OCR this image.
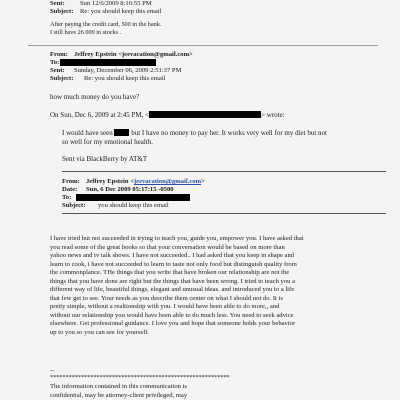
Sent: Sun 12/6/2009 8:16:55 PM
Subject: Re: you should keep this email
After paying the credit card, 500 in the bank.
I still have 26 000 in stocks .
From: Jeffrey Epstein <jeevacation@gmail.com>
To:
Sent: Sunday, December 06, 2009 2:51:37 PM
Subject: Re: you should keep this email
how much money do you have?
On Sun, Dec 6, 2009 at 2:45 PM, <	> wrote:
I would have seen	but I have no money to pay her. It works very well for my diet but not
so well for my emotional health.
Sent via BlackBerry by AT&T
From: Jeffrey Epstein <jeevacation@gmail.com>
Date: Sun, 6 Dec 2009 05:17:15 -0500
To:
Subject: you should keep this email
I have tried but not succeeded in trying to teach you, guide you, empower you. I have asked that
you read some of the great books so that your conversation would be based on more than
yahoo news and tv talk shows. I have not succeeded.. I had asked that you keep in shape and
learn to cook, i have not succeeded to learn to taste not only food but distinguish quality from
the commonplance. THe things that you write that have broken our relationship are not the
things that you have done are right but the things that have been wrong. I tried to teach you a
different way of life, beautiful things, elegant and unusual ideas. and introduced you to a life
that few get to see. Your needs as you describe them center on what I should not do. It is
pretty simple, without a realtionship with you. I would have been able to do more,, and
without our relationship you would have been able to do much less. You need to seek advice
elsewhere. Get professional guidance. I love you and hope that someone holds your behavior
up to you so you can see for yourself.
--
**********************************************************
The information contained in this communication is
confidential, may be attorney-client privileged, may
